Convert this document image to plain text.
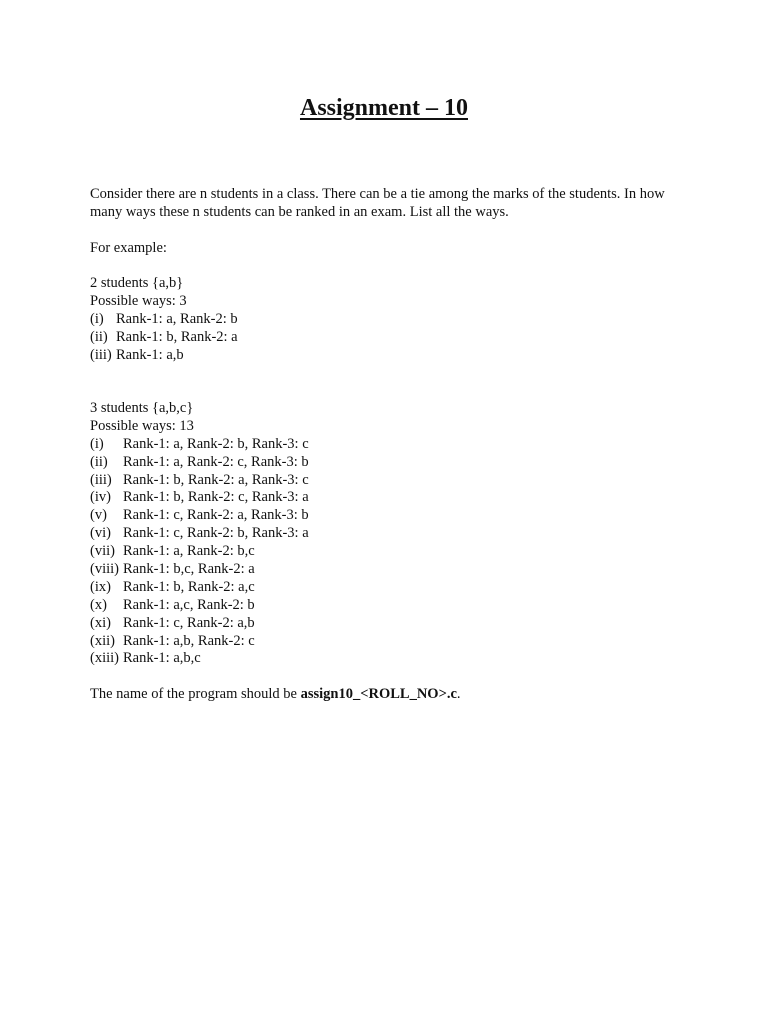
Assignment – 10
Consider there are n students in a class. There can be a tie among the marks of the students. In how
many ways these n students can be ranked in an exam. List all the ways.
For example:
2 students {a,b}
Possible ways: 3
(i) Rank-1: a, Rank-2: b
(ii) Rank-1: b, Rank-2: a
(iii) Rank-1: a,b
3 students {a,b,c}
Possible ways: 13
(i)	Rank-1: a, Rank-2: b, Rank-3: c
(ii)	Rank-1: a, Rank-2: c, Rank-3: b
(iii) Rank-1: b, Rank-2: a, Rank-3: c
(iv) Rank-1: b, Rank-2: c, Rank-3: a
(v)	Rank-1: c, Rank-2: a, Rank-3: b
(vi) Rank-1: c, Rank-2: b, Rank-3: a
(vii) Rank-1: a, Rank-2: b,c
(viii) Rank-1: b,c, Rank-2: a
(ix) Rank-1: b, Rank-2: a,c
(x)	Rank-1: a,c, Rank-2: b
(xi) Rank-1: c, Rank-2: a,b
(xii) Rank-1: a,b, Rank-2: c
(xiii) Rank-1: a,b,c
The name of the program should be assign10_<ROLL_NO>.c.
